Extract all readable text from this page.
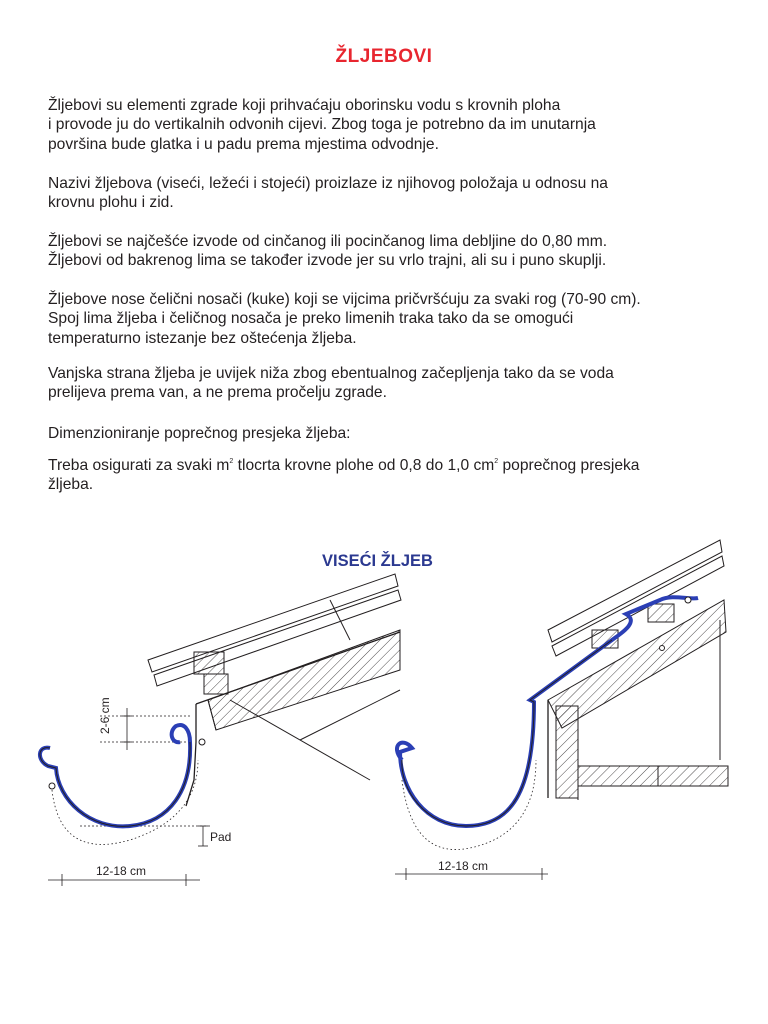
ŽLJEBOVI

Žljebovi su elementi zgrade koji prihvaćaju oborinsku vodu s krovnih ploha
i provode ju do vertikalnih odvonih cijevi. Zbog toga je potrebno da im unutarnja
površina bude glatka i u padu prema mjestima odvodnje.

Nazivi žljebova (viseći, ležeći i stojeći) proizlaze iz njihovog položaja u odnosu na
krovnu plohu i zid.

Žljebovi se najčešće izvode od cinčanog ili pocinčanog lima debljine do 0,80 mm.
Žljebovi od bakrenog lima se također izvode jer su vrlo trajni, ali su i puno skuplji.

Žljebove nose čelični nosači (kuke) koji se vijcima pričvršćuju za svaki rog (70-90 cm).
Spoj lima žljeba i čeličnog nosača je preko limenih traka tako da se omogući
temperaturno istezanje bez oštećenja žljeba.

Vanjska strana žljeba je uvijek niža zbog ebentualnog začepljenja tako da se voda
prelijeva prema van, a ne prema pročelju zgrade.

Dimenzioniranje poprečnog presjeka žljeba:

Treba osigurati za svaki $m^2$ tlocrta krovne plohe od 0,8 do 1,0 $cm^2$ poprečnog presjeka
žljeba.

VISEĆI ŽLJEB
2-6 cm
Pad
12-18 cm	12-18 cm
